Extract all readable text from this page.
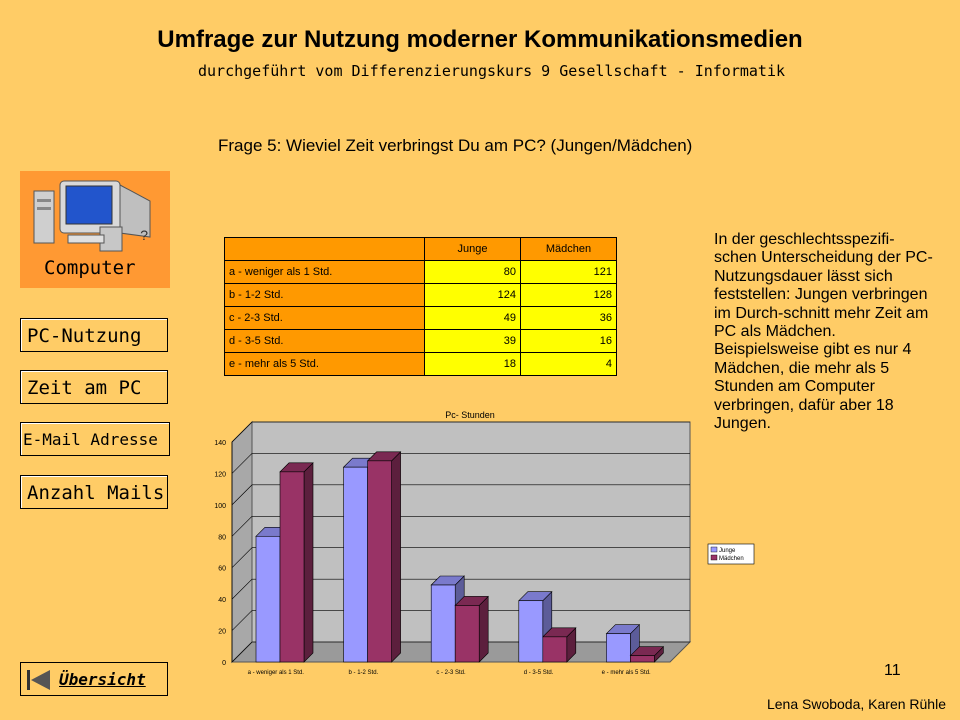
Umfrage zur Nutzung moderner Kommunikationsmedien
durchgeführt vom Differenzierungskurs 9 Gesellschaft - Informatik
Frage 5: Wieviel Zeit verbringst Du am PC? (Jungen/Mädchen)
?
Computer
PC-Nutzung
Zeit am PC
E-Mail Adresse
Anzahl Mails
Übersicht
	Junge	Mädchen
a - weniger als 1 Std.	80	121
b - 1-2 Std.	124	128
c - 2-3 Std.	49	36
d - 3-5 Std.	39	16
e - mehr als 5 Std.	18	4
Pc- Stunden
0
20
40
60
80
100
120
140
a - weniger als 1 Std.	b - 1-2 Std.	c - 2-3 Std.	d - 3-5 Std.	e - mehr als 5 Std.
Junge
Mädchen
In der geschlechtsspezifi-schen Unterscheidung der PC-Nutzungsdauer lässt sich feststellen: Jungen verbringen im Durch-schnitt mehr Zeit am PC als Mädchen. Beispielsweise gibt es nur 4 Mädchen, die mehr als 5 Stunden am Computer verbringen, dafür aber 18 Jungen.
11
Lena Swoboda, Karen Rühle
